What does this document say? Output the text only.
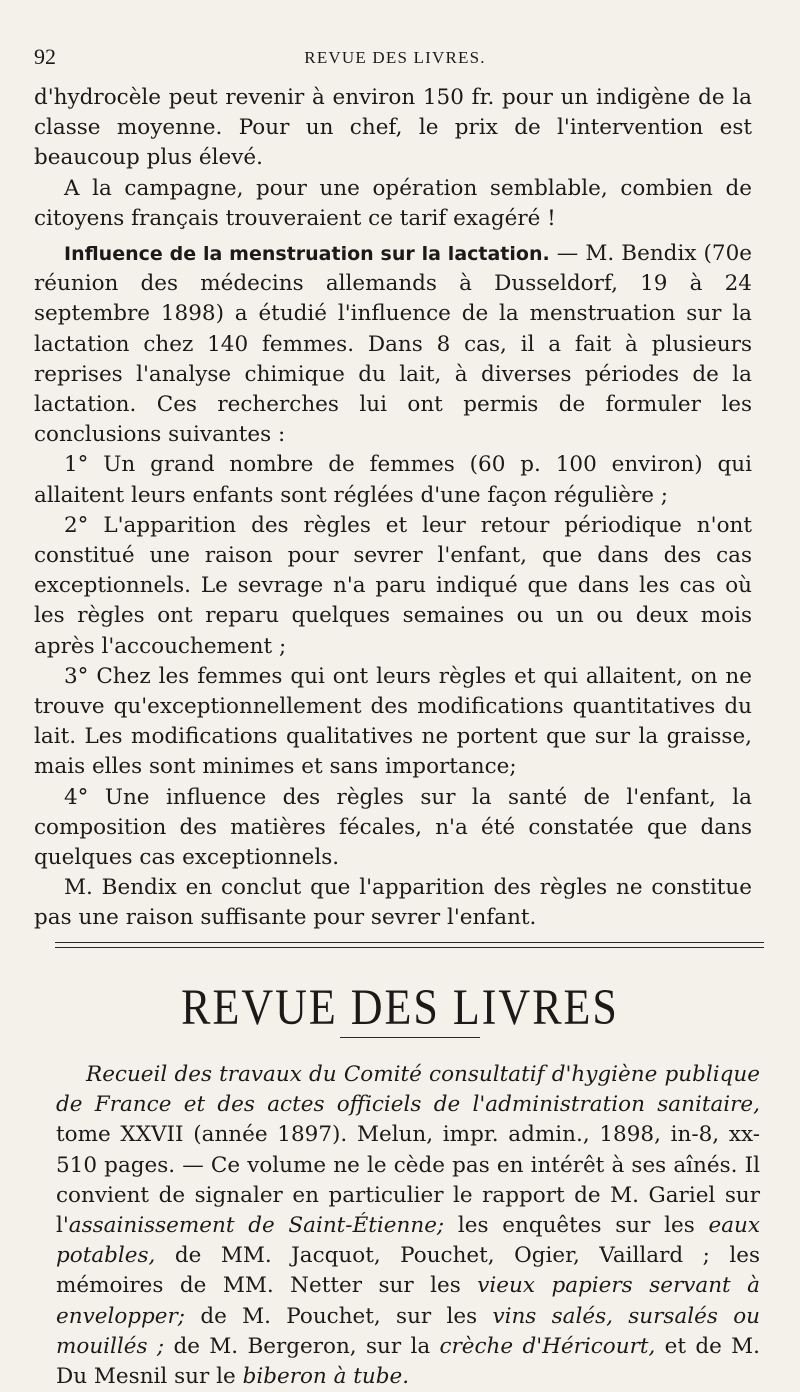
92	REVUE DES LIVRES.

d'hydrocèle peut revenir à environ 150 fr. pour un indigène de la classe moyenne. Pour un chef, le prix de l'intervention est beaucoup plus élevé.

A la campagne, pour une opération semblable, combien de citoyens français trouveraient ce tarif exagéré !

Influence de la menstruation sur la lactation. — M. Bendix (70e réunion des médecins allemands à Dusseldorf, 19 à 24 septembre 1898) a étudié l'influence de la menstruation sur la lactation chez 140 femmes. Dans 8 cas, il a fait à plusieurs reprises l'analyse chimique du lait, à diverses périodes de la lactation. Ces recherches lui ont permis de formuler les conclusions suivantes :

1° Un grand nombre de femmes (60 p. 100 environ) qui allaitent leurs enfants sont réglées d'une façon régulière ;

2° L'apparition des règles et leur retour périodique n'ont constitué une raison pour sevrer l'enfant, que dans des cas exceptionnels. Le sevrage n'a paru indiqué que dans les cas où les règles ont reparu quelques semaines ou un ou deux mois après l'accouchement ;

3° Chez les femmes qui ont leurs règles et qui allaitent, on ne trouve qu'exceptionnellement des modifications quantitatives du lait. Les modifications qualitatives ne portent que sur la graisse, mais elles sont minimes et sans importance;

4° Une influence des règles sur la santé de l'enfant, la composition des matières fécales, n'a été constatée que dans quelques cas exceptionnels.

M. Bendix en conclut que l'apparition des règles ne constitue pas une raison suffisante pour sevrer l'enfant.

REVUE DES LIVRES

Recueil des travaux du Comité consultatif d'hygiène publique de France et des actes officiels de l'administration sanitaire, tome XXVII (année 1897). Melun, impr. admin., 1898, in-8, xx-510 pages. — Ce volume ne le cède pas en intérêt à ses aînés. Il convient de signaler en particulier le rapport de M. Gariel sur l'assainissement de Saint-Étienne; les enquêtes sur les eaux potables, de MM. Jacquot, Pouchet, Ogier, Vaillard ; les mémoires de MM. Netter sur les vieux papiers servant à envelopper; de M. Pouchet, sur les vins salés, sursalés ou mouillés ; de M. Bergeron, sur la crèche d'Héricourt, et de M. Du Mesnil sur le biberon à tube.
